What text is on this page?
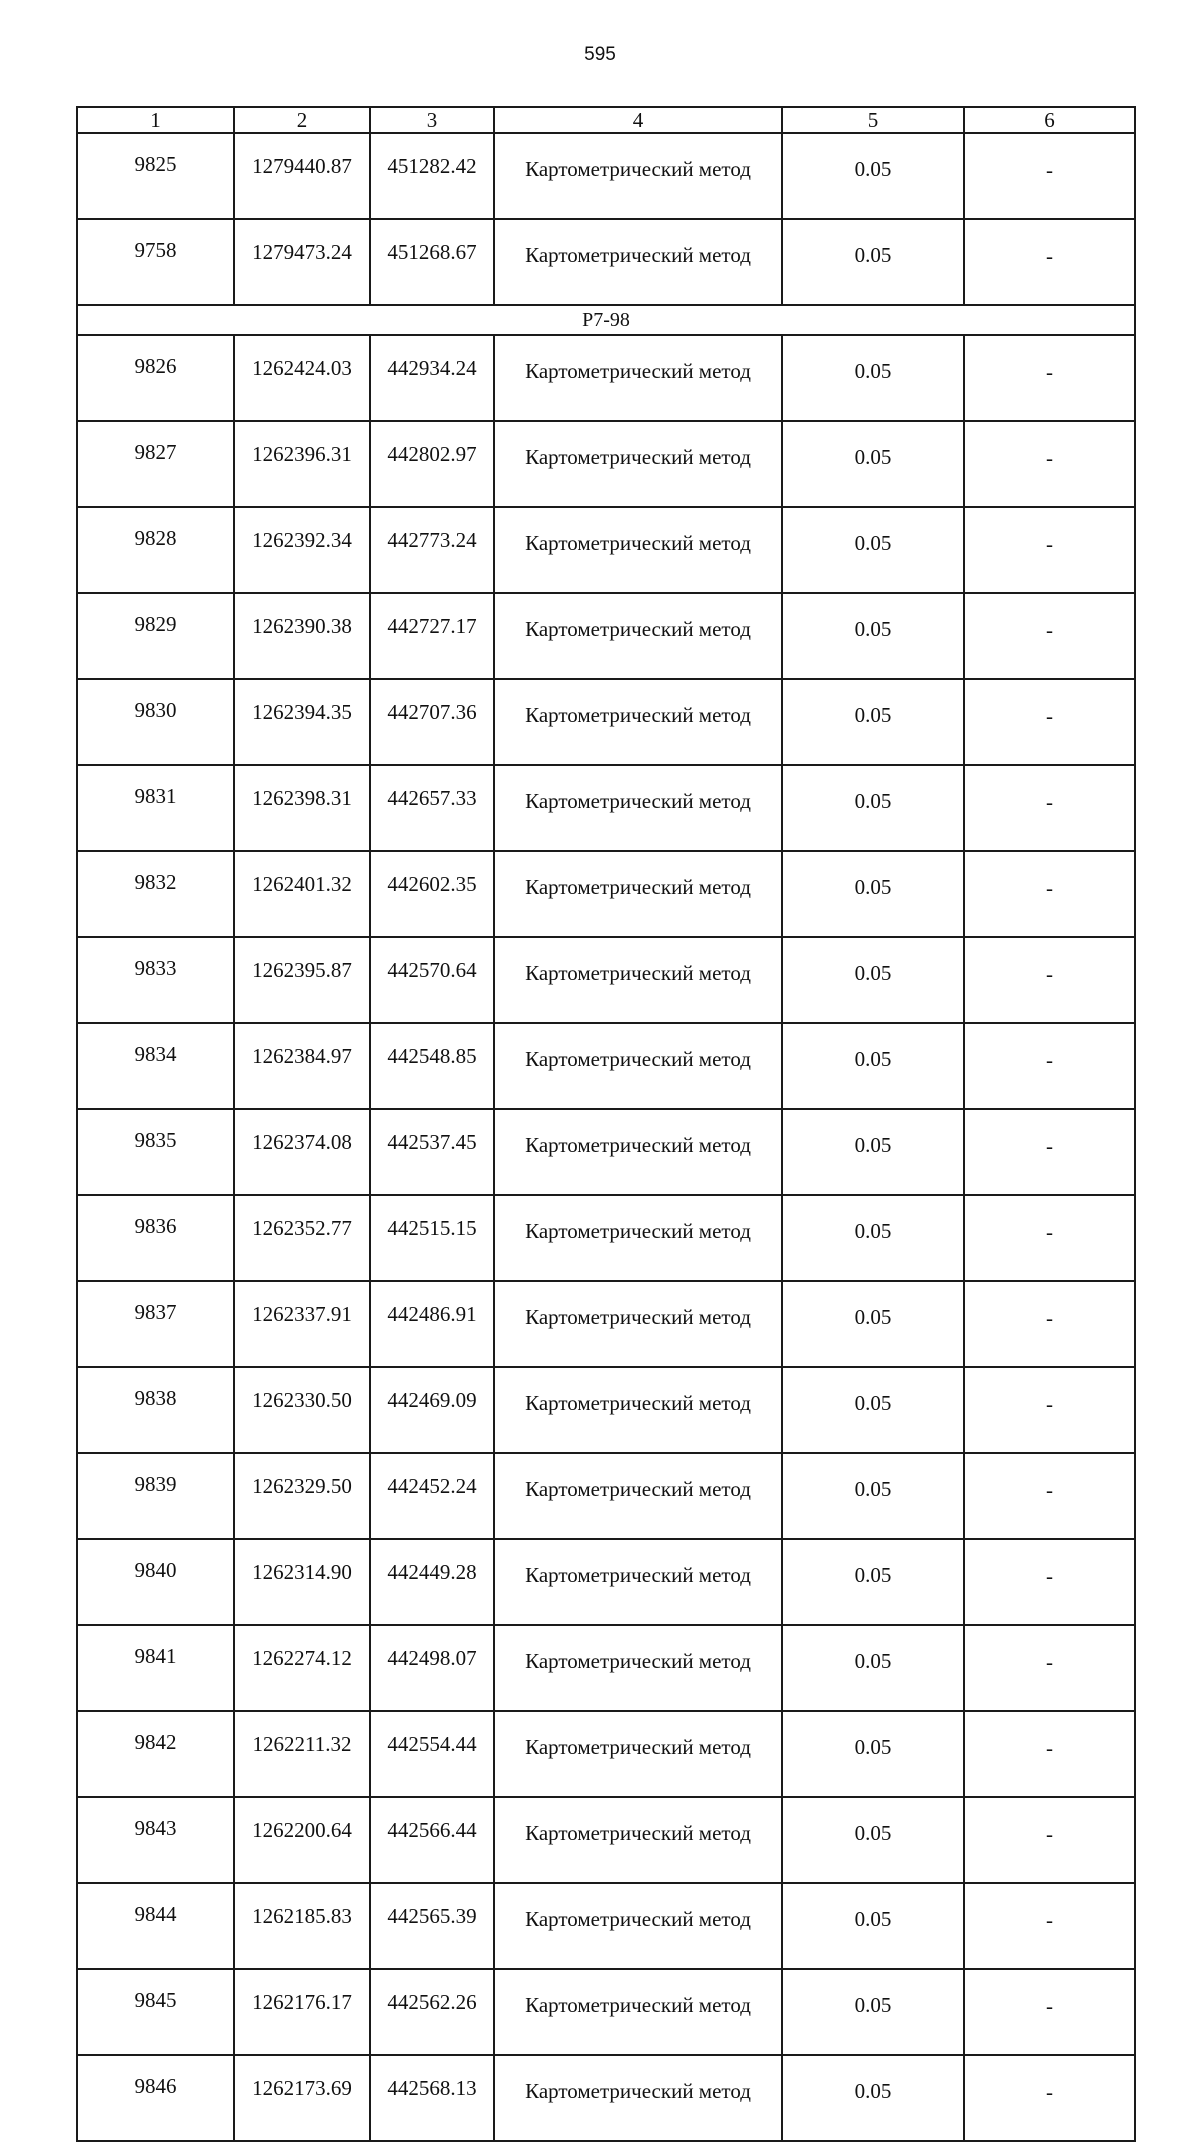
595
1	2	3	4	5	6
9825	1279440.87	451282.42	Картометрический метод	0.05	-
9758	1279473.24	451268.67	Картометрический метод	0.05	-
Р7-98					
9826	1262424.03	442934.24	Картометрический метод	0.05	-
9827	1262396.31	442802.97	Картометрический метод	0.05	-
9828	1262392.34	442773.24	Картометрический метод	0.05	-
9829	1262390.38	442727.17	Картометрический метод	0.05	-
9830	1262394.35	442707.36	Картометрический метод	0.05	-
9831	1262398.31	442657.33	Картометрический метод	0.05	-
9832	1262401.32	442602.35	Картометрический метод	0.05	-
9833	1262395.87	442570.64	Картометрический метод	0.05	-
9834	1262384.97	442548.85	Картометрический метод	0.05	-
9835	1262374.08	442537.45	Картометрический метод	0.05	-
9836	1262352.77	442515.15	Картометрический метод	0.05	-
9837	1262337.91	442486.91	Картометрический метод	0.05	-
9838	1262330.50	442469.09	Картометрический метод	0.05	-
9839	1262329.50	442452.24	Картометрический метод	0.05	-
9840	1262314.90	442449.28	Картометрический метод	0.05	-
9841	1262274.12	442498.07	Картометрический метод	0.05	-
9842	1262211.32	442554.44	Картометрический метод	0.05	-
9843	1262200.64	442566.44	Картометрический метод	0.05	-
9844	1262185.83	442565.39	Картометрический метод	0.05	-
9845	1262176.17	442562.26	Картометрический метод	0.05	-
9846	1262173.69	442568.13	Картометрический метод	0.05	-
